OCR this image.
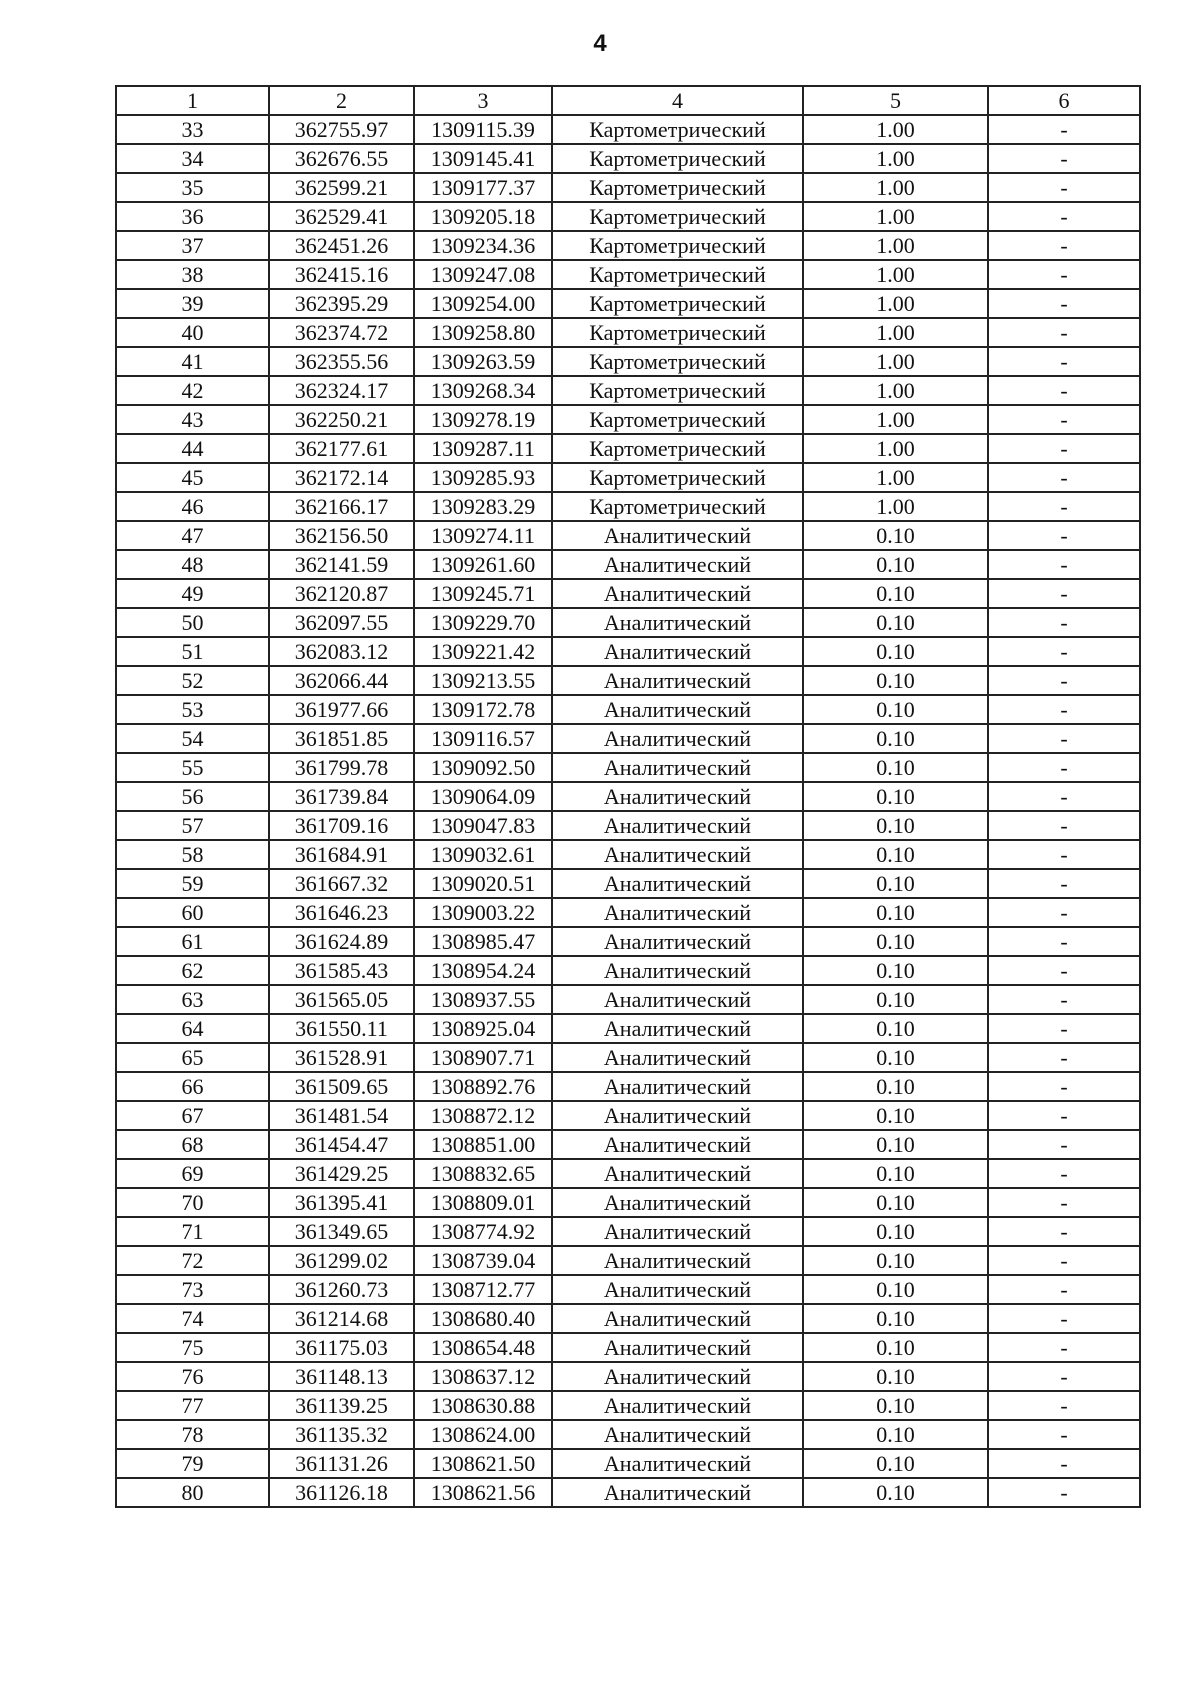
4
1	2	3	4	5	6
33	362755.97	1309115.39	Картометрический	1.00	-
34	362676.55	1309145.41	Картометрический	1.00	-
35	362599.21	1309177.37	Картометрический	1.00	-
36	362529.41	1309205.18	Картометрический	1.00	-
37	362451.26	1309234.36	Картометрический	1.00	-
38	362415.16	1309247.08	Картометрический	1.00	-
39	362395.29	1309254.00	Картометрический	1.00	-
40	362374.72	1309258.80	Картометрический	1.00	-
41	362355.56	1309263.59	Картометрический	1.00	-
42	362324.17	1309268.34	Картометрический	1.00	-
43	362250.21	1309278.19	Картометрический	1.00	-
44	362177.61	1309287.11	Картометрический	1.00	-
45	362172.14	1309285.93	Картометрический	1.00	-
46	362166.17	1309283.29	Картометрический	1.00	-
47	362156.50	1309274.11	Аналитический	0.10	-
48	362141.59	1309261.60	Аналитический	0.10	-
49	362120.87	1309245.71	Аналитический	0.10	-
50	362097.55	1309229.70	Аналитический	0.10	-
51	362083.12	1309221.42	Аналитический	0.10	-
52	362066.44	1309213.55	Аналитический	0.10	-
53	361977.66	1309172.78	Аналитический	0.10	-
54	361851.85	1309116.57	Аналитический	0.10	-
55	361799.78	1309092.50	Аналитический	0.10	-
56	361739.84	1309064.09	Аналитический	0.10	-
57	361709.16	1309047.83	Аналитический	0.10	-
58	361684.91	1309032.61	Аналитический	0.10	-
59	361667.32	1309020.51	Аналитический	0.10	-
60	361646.23	1309003.22	Аналитический	0.10	-
61	361624.89	1308985.47	Аналитический	0.10	-
62	361585.43	1308954.24	Аналитический	0.10	-
63	361565.05	1308937.55	Аналитический	0.10	-
64	361550.11	1308925.04	Аналитический	0.10	-
65	361528.91	1308907.71	Аналитический	0.10	-
66	361509.65	1308892.76	Аналитический	0.10	-
67	361481.54	1308872.12	Аналитический	0.10	-
68	361454.47	1308851.00	Аналитический	0.10	-
69	361429.25	1308832.65	Аналитический	0.10	-
70	361395.41	1308809.01	Аналитический	0.10	-
71	361349.65	1308774.92	Аналитический	0.10	-
72	361299.02	1308739.04	Аналитический	0.10	-
73	361260.73	1308712.77	Аналитический	0.10	-
74	361214.68	1308680.40	Аналитический	0.10	-
75	361175.03	1308654.48	Аналитический	0.10	-
76	361148.13	1308637.12	Аналитический	0.10	-
77	361139.25	1308630.88	Аналитический	0.10	-
78	361135.32	1308624.00	Аналитический	0.10	-
79	361131.26	1308621.50	Аналитический	0.10	-
80	361126.18	1308621.56	Аналитический	0.10	-
